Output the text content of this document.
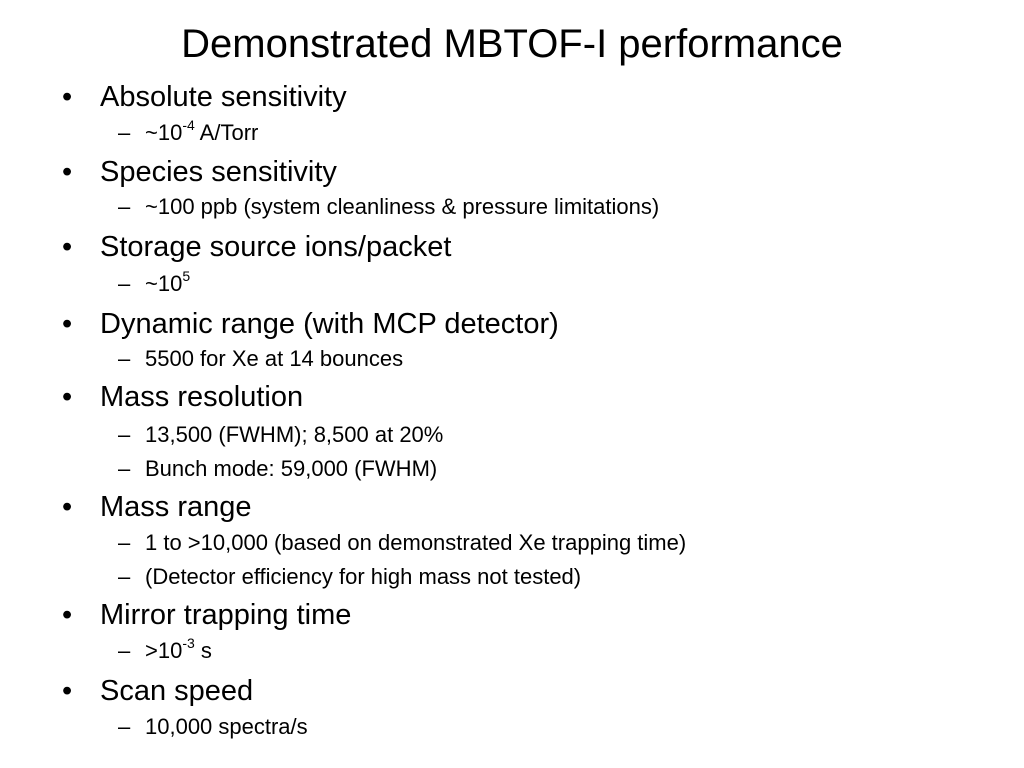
Demonstrated MBTOF-I performance
• Absolute sensitivity
– $\sim 10^{-4}$ A/Torr
• Species sensitivity
– ~100 ppb (system cleanliness & pressure limitations)
• Storage source ions/packet
– $\sim 10^5$
• Dynamic range (with MCP detector)
– 5500 for Xe at 14 bounces
• Mass resolution
– 13,500 (FWHM); 8,500 at 20%
– Bunch mode: 59,000 (FWHM)
• Mass range
– 1 to >10,000 (based on demonstrated Xe trapping time)
– (Detector efficiency for high mass not tested)
• Mirror trapping time
– $>10^{-3}$ s
• Scan speed
– 10,000 spectra/s
